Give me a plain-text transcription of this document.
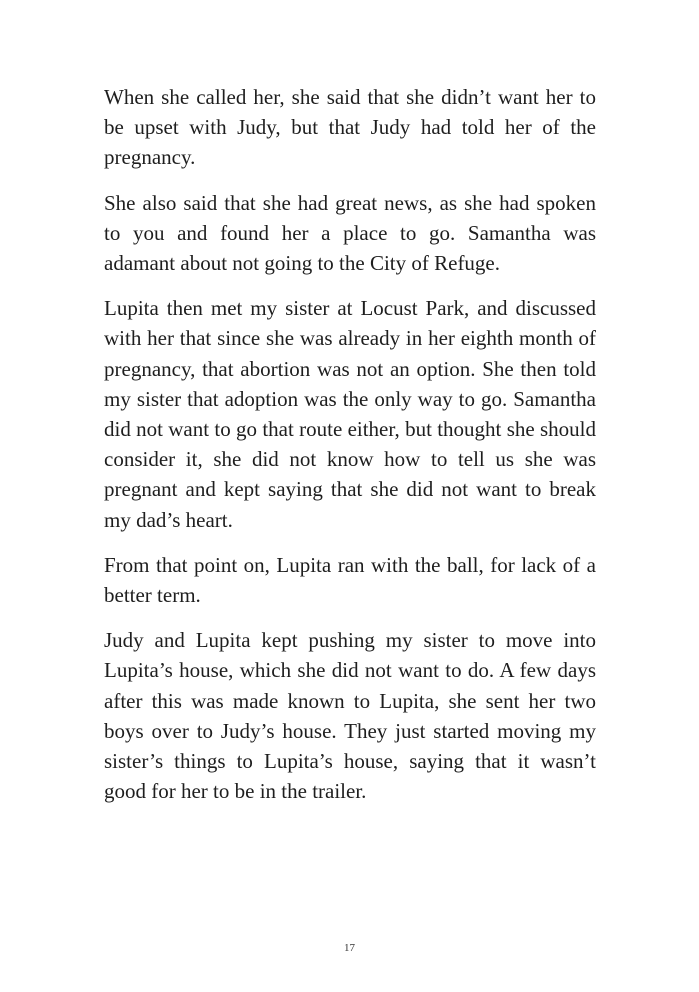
When she called her, she said that she didn’t want her to be upset with Judy, but that Judy had told her of the pregnancy.

She also said that she had great news, as she had spoken to you and found her a place to go. Samantha was adamant about not going to the City of Refuge.

Lupita then met my sister at Locust Park, and discussed with her that since she was already in her eighth month of pregnancy, that abortion was not an option. She then told my sister that adoption was the only way to go. Samantha did not want to go that route either, but thought she should consider it, she did not know how to tell us she was pregnant and kept saying that she did not want to break my dad’s heart.

From that point on, Lupita ran with the ball, for lack of a better term.

Judy and Lupita kept pushing my sister to move into Lupita’s house, which she did not want to do. A few days after this was made known to Lupita, she sent her two boys over to Judy’s house. They just started moving my sister’s things to Lupita’s house, saying that it wasn’t good for her to be in the trailer.

17
